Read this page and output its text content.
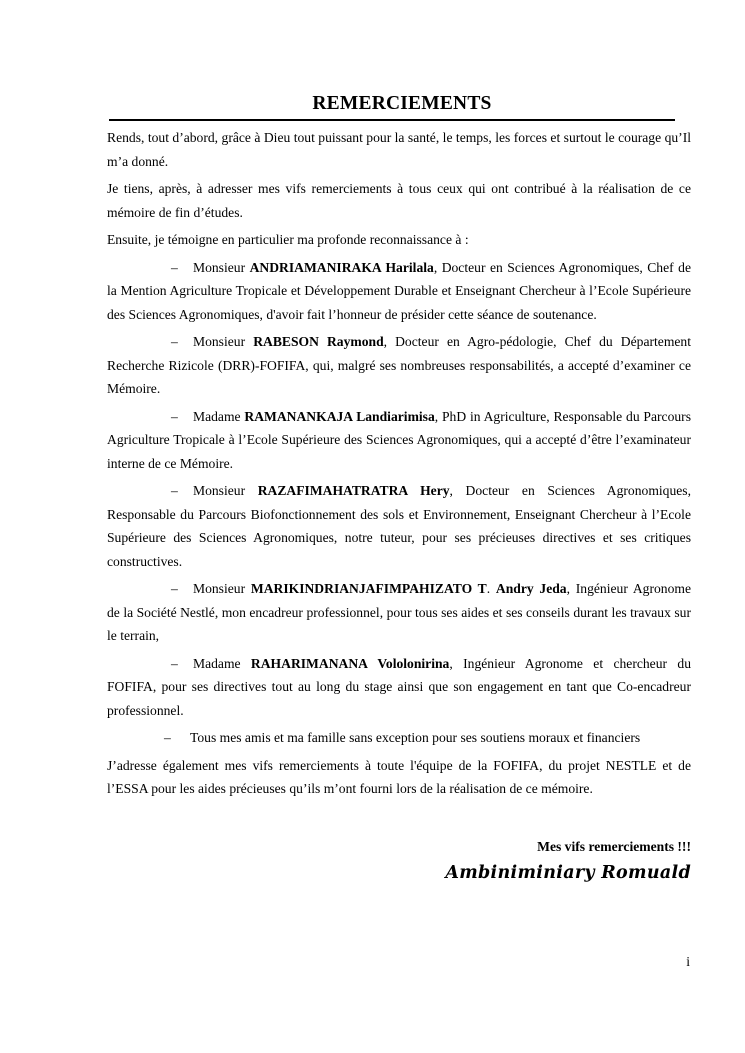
REMERCIEMENTS

Rends, tout d’abord, grâce à Dieu tout puissant pour la santé, le temps, les forces et surtout le courage qu’Il m’a donné.

Je tiens, après, à adresser mes vifs remerciements à tous ceux qui ont contribué à la réalisation de ce mémoire de fin d’études.

Ensuite, je témoigne en particulier ma profonde reconnaissance à :

– Monsieur ANDRIAMANIRAKA Harilala, Docteur en Sciences Agronomiques, Chef de la Mention Agriculture Tropicale et Développement Durable et Enseignant Chercheur à l’Ecole Supérieure des Sciences Agronomiques, d'avoir fait l’honneur de présider cette séance de soutenance.

– Monsieur RABESON Raymond, Docteur en Agro-pédologie, Chef du Département Recherche Rizicole (DRR)-FOFIFA, qui, malgré ses nombreuses responsabilités, a accepté d’examiner ce Mémoire.

– Madame RAMANANKAJA Landiarimisa, PhD in Agriculture, Responsable du Parcours Agriculture Tropicale à l’Ecole Supérieure des Sciences Agronomiques, qui a accepté d’être l’examinateur interne de ce Mémoire.

– Monsieur RAZAFIMAHATRATRA Hery, Docteur en Sciences Agronomiques, Responsable du Parcours Biofonctionnement des sols et Environnement, Enseignant Chercheur à l’Ecole Supérieure des Sciences Agronomiques, notre tuteur, pour ses précieuses directives et ses critiques constructives.

– Monsieur MARIKINDRIANJAFIMPAHIZATO T. Andry Jeda, Ingénieur Agronome de la Société Nestlé, mon encadreur professionnel, pour tous ses aides et ses conseils durant les travaux sur le terrain,

– Madame RAHARIMANANA Vololonirina, Ingénieur Agronome et chercheur du FOFIFA, pour ses directives tout au long du stage ainsi que son engagement en tant que Co-encadreur professionnel.

– Tous mes amis et ma famille sans exception pour ses soutiens moraux et financiers

J’adresse également mes vifs remerciements à toute l'équipe de la FOFIFA, du projet NESTLE et de l’ESSA pour les aides précieuses qu’ils m’ont fourni lors de la réalisation de ce mémoire.

Mes vifs remerciements !!!
Ambiniminiary Romuald
i
